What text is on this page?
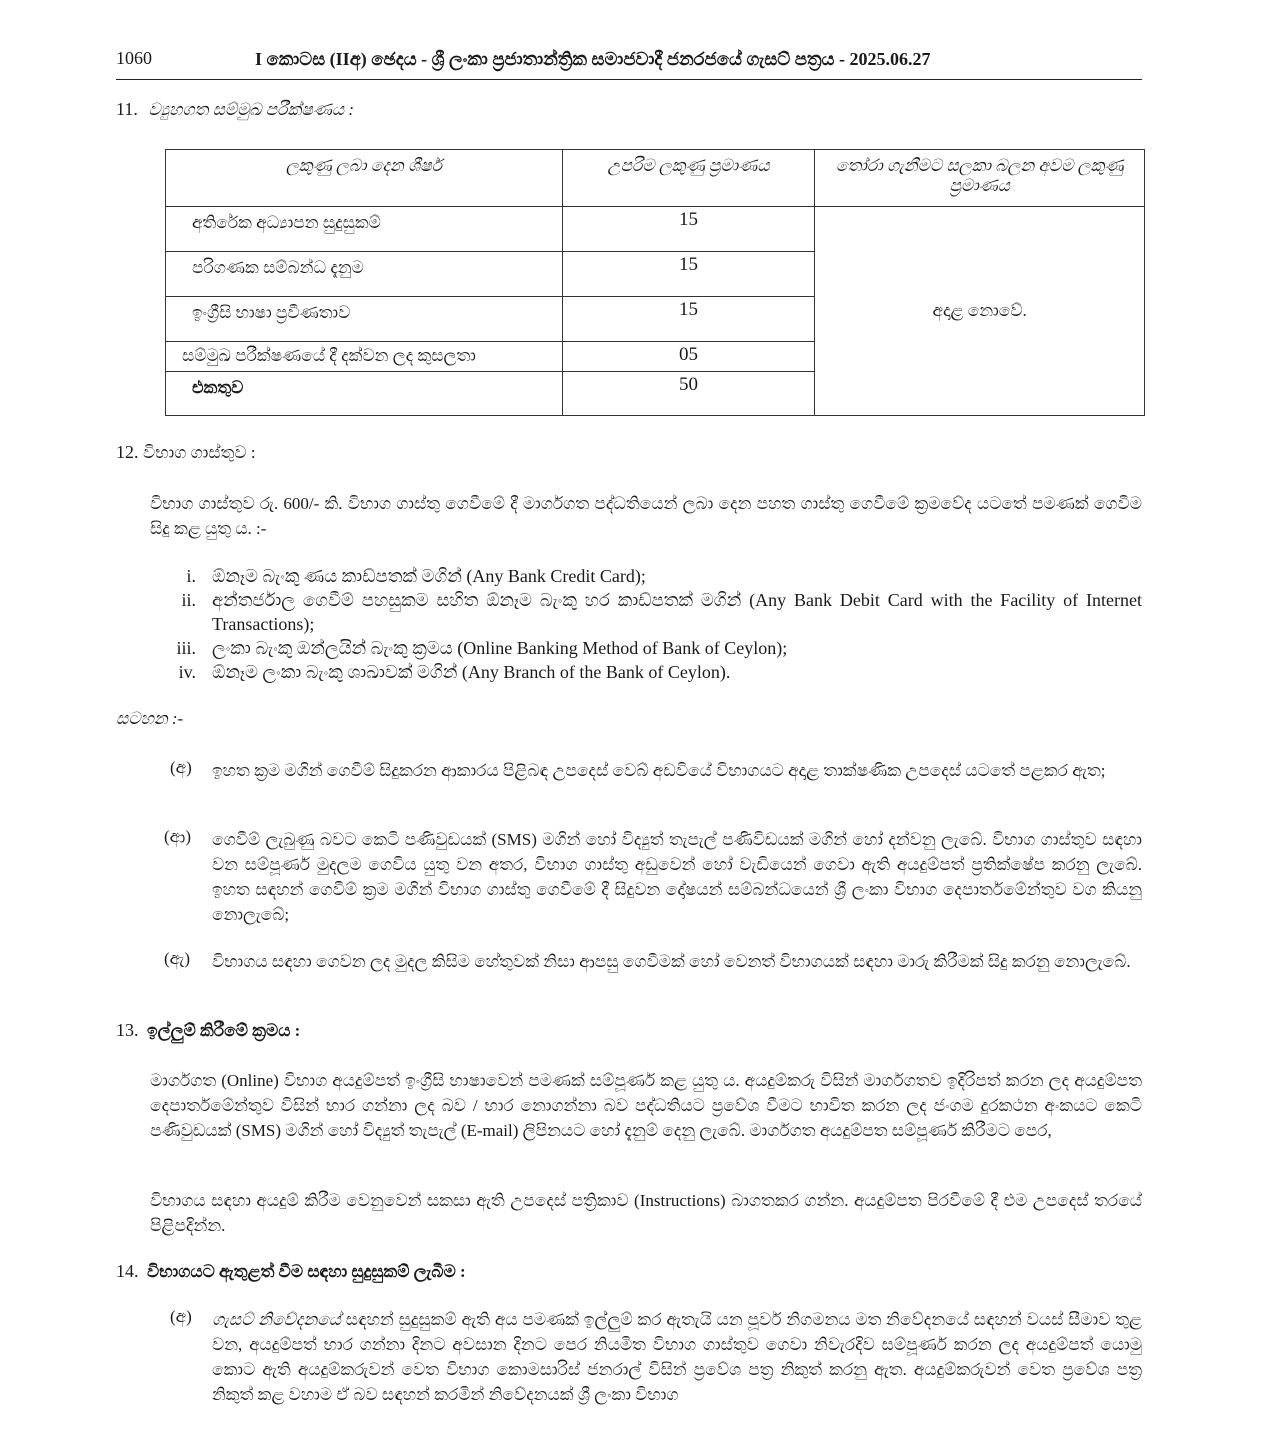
1060	I කොටස (IIඅ) ඡෙදය - ශ්‍රී ලංකා ප්‍රජාතාන්ත්‍රික සමාජවාදී ජනරජයේ ගැසට් පත්‍රය - 2025.06.27
11. ව්‍යුහගත සම්මුඛ පරීක්ෂණය :
ලකුණු ලබා දෙන ශීර්ෂ	උපරිම ලකුණු ප්‍රමාණය	තෝරා ගැනීමට සලකා බලන අවම ලකුණු ප්‍රමාණය
අතිරේක අධ්‍යාපන සුදුසුකම්	15	අදාළ නොවේ.
පරිගණක සම්බන්ධ දැනුම	15	
ඉංග්‍රීසි භාෂා ප්‍රවීණතාව	15	
සම්මුඛ පරීක්ෂණයේ දී දක්වන ලද කුසලතා	05	
එකතුව	50	
12. විභාග ගාස්තුව :
විභාග ගාස්තුව රු. 600/- කි. විභාග ගාස්තු ගෙවීමේ දී මාර්ගගත පද්ධතියෙන් ලබා දෙන පහත ගාස්තු ගෙවීමේ ක්‍රමවේද යටතේ පමණක් ගෙවීම සිදු කළ යුතු ය. :-
i. ඕනෑම බැංකු ණය කාඩ්පතක් මගින් (Any Bank Credit Card);
ii. අන්තර්ජාල ගෙවීම් පහසුකම සහිත ඕනෑම බැංකු හර කාඩ්පතක් මගින් (Any Bank Debit Card with the Facility of Internet Transactions);
iii. ලංකා බැංකු ඔන්ලයින් බැංකු ක්‍රමය (Online Banking Method of Bank of Ceylon);
iv. ඕනෑම ලංකා බැංකු ශාඛාවක් මගින් (Any Branch of the Bank of Ceylon).
සටහන :-
(අ) ඉහත ක්‍රම මගින් ගෙවීම් සිදුකරන ආකාරය පිළිබඳ උපදෙස් වෙබ් අඩවියේ විභාගයට අදාළ තාක්ෂණික උපදෙස් යටතේ පළකර ඇත;
(ආ) ගෙවීම් ලැබුණු බවට කෙටි පණිවුඩයක් (SMS) මගින් හෝ විද්‍යුත් තැපැල් පණිවිඩයක් මගින් හෝ දන්වනු ලැබේ. විභාග ගාස්තුව සඳහා වන සම්පූර්ණ මුදලම ගෙවිය යුතු වන අතර, විභාග ගාස්තු අඩුවෙන් හෝ වැඩියෙන් ගෙවා ඇති අයදුම්පත් ප්‍රතික්ෂේප කරනු ලැබේ. ඉහත සඳහන් ගෙවීම් ක්‍රම මගින් විභාග ගාස්තු ගෙවීමේ දී සිදුවන දෝෂයන් සම්බන්ධයෙන් ශ්‍රී ලංකා විභාග දෙපාර්තමේන්තුව වග කියනු නොලැබේ;
(ඇ) විභාගය සඳහා ගෙවන ලද මුදල කිසිම හේතුවක් නිසා ආපසු ගෙවීමක් හෝ වෙනත් විභාගයක් සඳහා මාරු කිරීමක් සිදු කරනු නොලැබේ.
13. ඉල්ලුම් කිරීමේ ක්‍රමය :
මාර්ගගත (Online) විභාග අයදුම්පත් ඉංග්‍රීසි භාෂාවෙන් පමණක් සම්පූර්ණ කළ යුතු ය. අයදුම්කරු විසින් මාර්ගගතව ඉදිරිපත් කරන ලද අයදුම්පත දෙපාර්තමේන්තුව විසින් භාර ගන්නා ලද බව / භාර නොගන්නා බව පද්ධතියට ප්‍රවේශ වීමට භාවිත කරන ලද ජංගම දුරකථන අංකයට කෙටි පණිවුඩයක් (SMS) මගින් හෝ විද්‍යුත් තැපැල් (E-mail) ලිපිනයට හෝ දැනුම් දෙනු ලැබේ. මාර්ගගත අයදුම්පත සම්පූර්ණ කිරීමට පෙර,
විභාගය සඳහා අයදුම් කිරීම වෙනුවෙන් සකසා ඇති උපදෙස් පත්‍රිකාව (Instructions) බාගතකර ගන්න. අයදුම්පත පිරවීමේ දී එම උපදෙස් තරයේ පිළිපදින්න.
14. විභාගයට ඇතුළත් වීම සඳහා සුදුසුකම් ලැබීම :
(අ) ගැසට් නිවේදනයේ සඳහන් සුදුසුකම් ඇති අය පමණක් ඉල්ලුම් කර ඇතැයි යන පූර්ව නිගමනය මත නිවේදනයේ සඳහන් වයස් සීමාව තුළ වන, අයදුම්පත් භාර ගන්නා දිනට අවසාන දිනට පෙර නියමිත විභාග ගාස්තුව ගෙවා නිවැරදිව සම්පූර්ණ කරන ලද අයදුම්පත් යොමු කොට ඇති අයදුම්කරුවන් වෙත විභාග කොමසාරිස් ජනරාල් විසින් ප්‍රවේශ පත්‍ර නිකුත් කරනු ඇත. අයදුම්කරුවන් වෙත ප්‍රවේශ පත්‍ර නිකුත් කළ වහාම ඒ බව සඳහන් කරමින් නිවේදනයක් ශ්‍රී ලංකා විභාග
